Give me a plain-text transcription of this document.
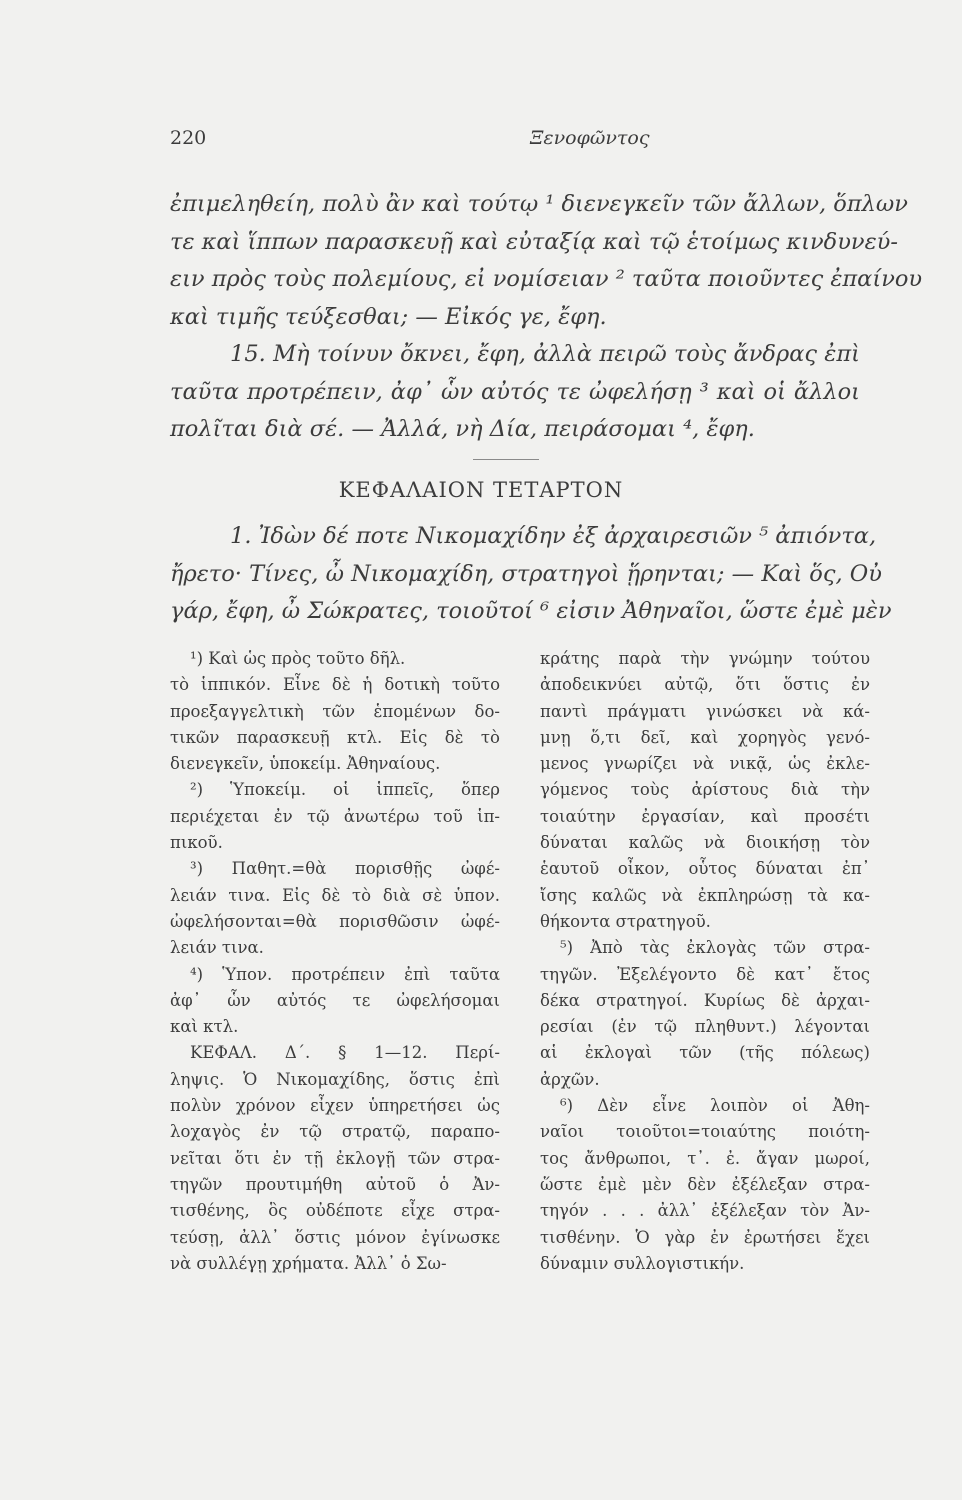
220	Ξενοφῶντος
ἐπιμεληθείη, πολὺ ἂν καὶ τούτῳ ¹ διενεγκεῖν τῶν ἄλλων, ὅπλων
τε καὶ ἵππων παρασκευῇ καὶ εὐταξίᾳ καὶ τῷ ἑτοίμως κινδυνεύ-
ειν πρὸς τοὺς πολεμίους, εἰ νομίσειαν ² ταῦτα ποιοῦντες ἐπαίνου
καὶ τιμῆς τεύξεσθαι; — Εἰκός γε, ἔφη.
15. Μὴ τοίνυν ὄκνει, ἔφη, ἀλλὰ πειρῶ τοὺς ἄνδρας ἐπὶ
ταῦτα προτρέπειν, ἀφ᾽ ὧν αὐτός τε ὠφελήσῃ ³ καὶ οἱ ἄλλοι
πολῖται διὰ σέ. — Ἀλλά, νὴ Δία, πειράσομαι ⁴, ἔφη.
ΚΕΦΑΛΑΙΟΝ ΤΕΤΑΡΤΟΝ
1. Ἰδὼν δέ ποτε Νικομαχίδην ἐξ ἀρχαιρεσιῶν ⁵ ἀπιόντα,
ἤρετο· Τίνες, ὦ Νικομαχίδη, στρατηγοὶ ᾕρηνται; — Καὶ ὅς, Οὐ
γάρ, ἔφη, ὦ Σώκρατες, τοιοῦτοί ⁶ εἰσιν Ἀθηναῖοι, ὥστε ἐμὲ μὲν
¹) Καὶ ὡς πρὸς τοῦτο δῆλ.
τὸ ἱππικόν. Εἶνε δὲ ἡ δοτικὴ τοῦτο
προεξαγγελτικὴ τῶν ἑπομένων δο-
τικῶν παρασκευῇ κτλ. Εἰς δὲ τὸ
διενεγκεῖν, ὑποκείμ. Ἀθηναίους.
²) Ὑποκείμ. οἱ ἱππεῖς, ὅπερ
περιέχεται ἐν τῷ ἀνωτέρω τοῦ ἱπ-
πικοῦ.
³) Παθητ.=θὰ πορισθῇς ὠφέ-
λειάν τινα. Εἰς δὲ τὸ διὰ σὲ ὑπον.
ὠφελήσονται=θὰ πορισθῶσιν ὠφέ-
λειάν τινα.
⁴) Ὑπον. προτρέπειν ἐπὶ ταῦτα
ἀφ᾽ ὧν αὐτός τε ὠφελήσομαι
καὶ κτλ.
ΚΕΦΑΛ. Δ΄. § 1—12. Περί-
ληψις. Ὁ Νικομαχίδης, ὅστις ἐπὶ
πολὺν χρόνον εἶχεν ὑπηρετήσει ὡς
λοχαγὸς ἐν τῷ στρατῷ, παραπο-
νεῖται ὅτι ἐν τῇ ἐκλογῇ τῶν στρα-
τηγῶν προυτιμήθη αὐτοῦ ὁ Ἀν-
τισθένης, ὃς οὐδέποτε εἶχε στρα-
τεύσῃ, ἀλλ᾽ ὅστις μόνον ἐγίνωσκε
νὰ συλλέγῃ χρήματα. Ἀλλ᾽ ὁ Σω-
κράτης παρὰ τὴν γνώμην τούτου
ἀποδεικνύει αὐτῷ, ὅτι ὅστις ἐν
παντὶ πράγματι γινώσκει νὰ κά-
μνῃ ὅ,τι δεῖ, καὶ χορηγὸς γενό-
μενος γνωρίζει νὰ νικᾷ, ὡς ἐκλε-
γόμενος τοὺς ἀρίστους διὰ τὴν
τοιαύτην ἐργασίαν, καὶ προσέτι
δύναται καλῶς νὰ διοικήσῃ τὸν
ἑαυτοῦ οἶκον, οὗτος δύναται ἐπ᾽
ἴσης καλῶς νὰ ἐκπληρώσῃ τὰ κα-
θήκοντα στρατηγοῦ.
⁵) Ἀπὸ τὰς ἐκλογὰς τῶν στρα-
τηγῶν. Ἐξελέγοντο δὲ κατ᾽ ἔτος
δέκα στρατηγοί. Κυρίως δὲ ἀρχαι-
ρεσίαι (ἐν τῷ πληθυντ.) λέγονται
αἱ ἐκλογαὶ τῶν (τῆς πόλεως)
ἀρχῶν.
⁶) Δὲν εἶνε λοιπὸν οἱ Ἀθη-
ναῖοι τοιοῦτοι=τοιαύτης ποιότη-
τος ἄνθρωποι, τ᾽. ἐ. ἄγαν μωροί,
ὥστε ἐμὲ μὲν δὲν ἐξέλεξαν στρα-
τηγόν . . . ἀλλ᾽ ἐξέλεξαν τὸν Ἀν-
τισθένην. Ὁ γὰρ ἐν ἐρωτήσει ἔχει
δύναμιν συλλογιστικήν.
